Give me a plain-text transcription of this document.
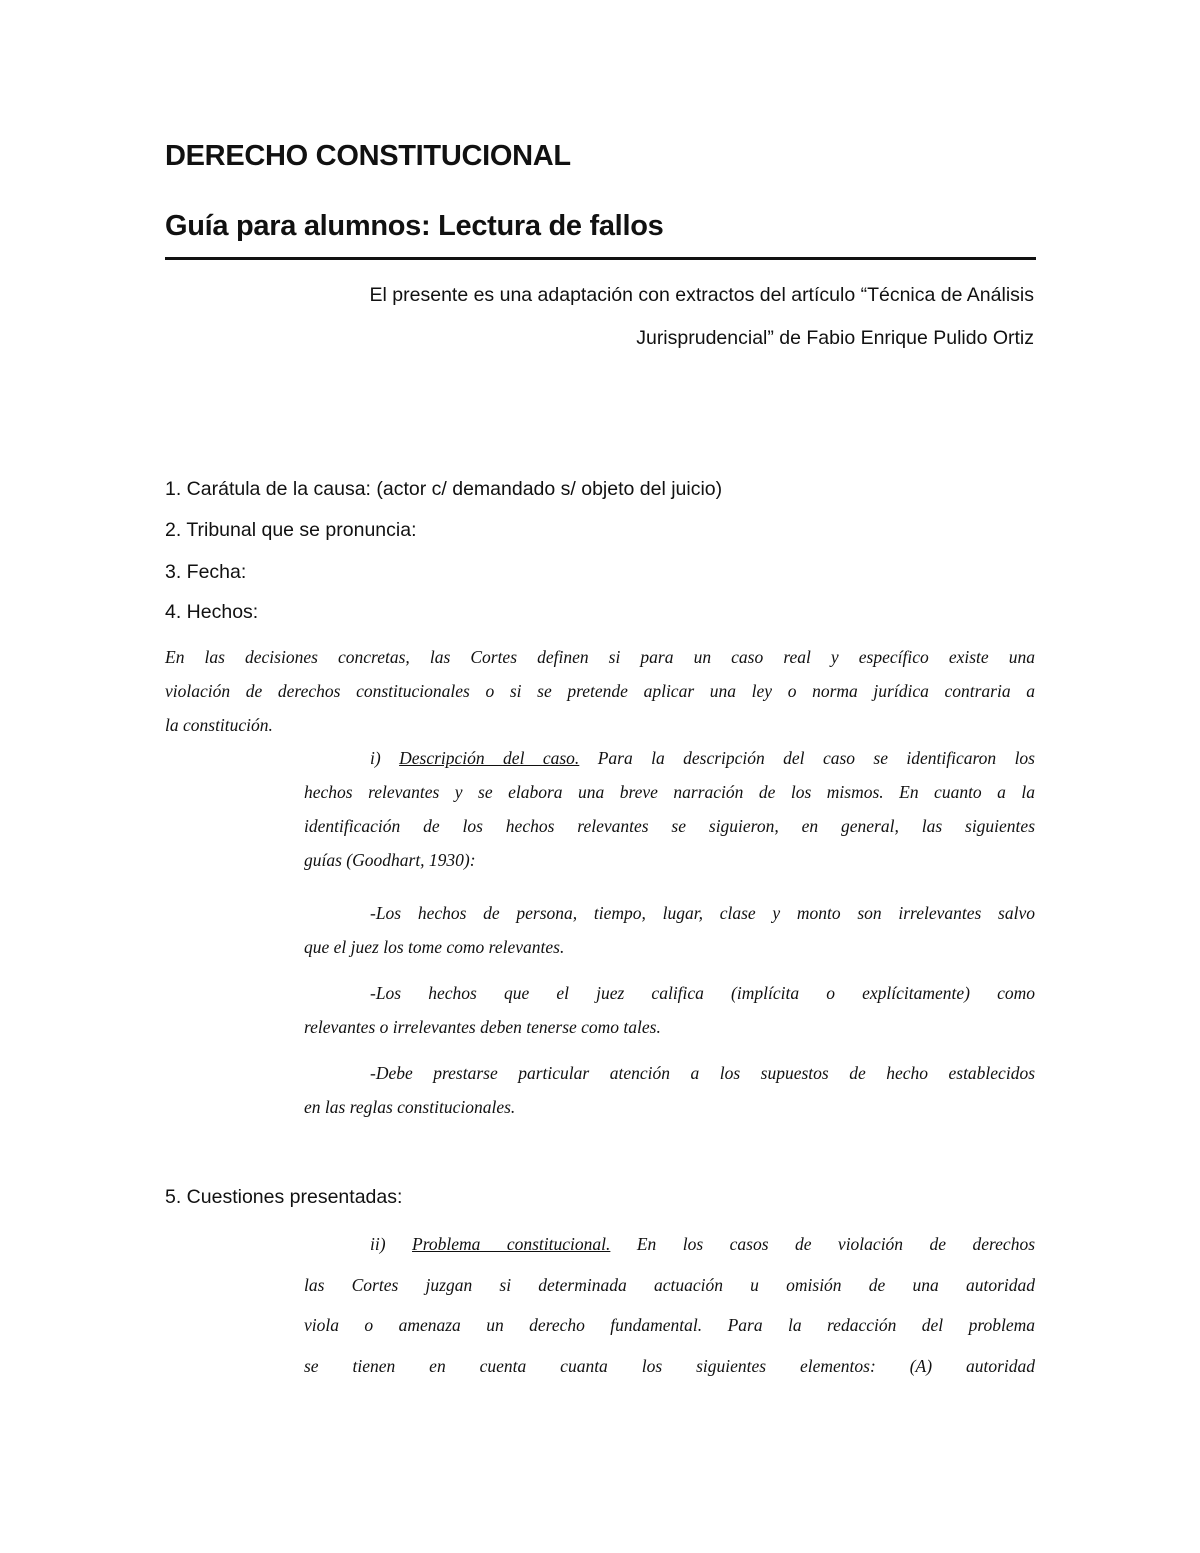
DERECHO CONSTITUCIONAL
Guía para alumnos: Lectura de fallos
El presente es una adaptación con extractos del artículo “Técnica de Análisis
Jurisprudencial” de Fabio Enrique Pulido Ortiz
1. Carátula de la causa: (actor c/ demandado s/ objeto del juicio)
2. Tribunal que se pronuncia:
3. Fecha:
4. Hechos:
En las decisiones concretas, las Cortes definen si para un caso real y específico existe una
violación de derechos constitucionales o si se pretende aplicar una ley o norma jurídica contraria a
la constitución.
i) Descripción del caso. Para la descripción del caso se identificaron los
hechos relevantes y se elabora una breve narración de los mismos. En cuanto a la
identificación de los hechos relevantes se siguieron, en general, las siguientes
guías (Goodhart, 1930):

-Los hechos de persona, tiempo, lugar, clase y monto son irrelevantes salvo
que el juez los tome como relevantes.

-Los hechos que el juez califica (implícita o explícitamente) como
relevantes o irrelevantes deben tenerse como tales.

-Debe prestarse particular atención a los supuestos de hecho establecidos
en las reglas constitucionales.

5. Cuestiones presentadas:
ii) Problema constitucional. En los casos de violación de derechos
las Cortes juzgan si determinada actuación u omisión de una autoridad
viola o amenaza un derecho fundamental. Para la redacción del problema
se tienen en cuenta cuanta los siguientes elementos: (A) autoridad
